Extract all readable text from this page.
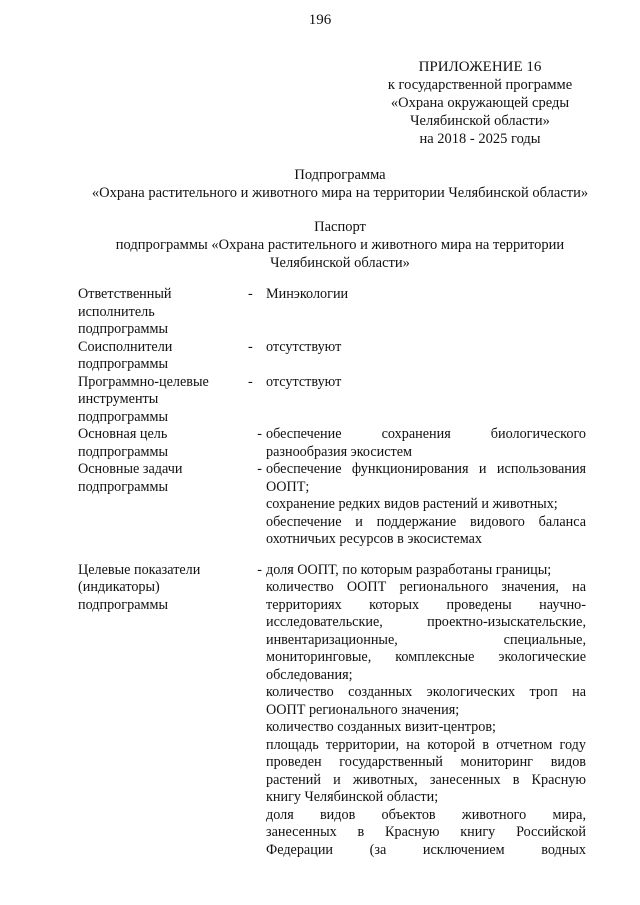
196
ПРИЛОЖЕНИЕ 16
к государственной программе
«Охрана окружающей среды
Челябинской области»
на 2018 - 2025 годы
Подпрограмма
«Охрана растительного и животного мира на территории Челябинской области»
Паспорт
подпрограммы «Охрана растительного и животного мира на территории
Челябинской области»
Ответственный
исполнитель
подпрограммы
- Минэкологии
Соисполнители
подпрограммы
- отсутствуют
Программно-целевые
инструменты
подпрограммы
- отсутствуют
Основная цель
подпрограммы
- обеспечение сохранения биологического
разнообразия экосистем
Основные задачи
подпрограммы
- обеспечение функционирования и использования
ООПТ;
сохранение редких видов растений и животных;
обеспечение и поддержание видового баланса
охотничьих ресурсов в экосистемах
Целевые показатели
(индикаторы)
подпрограммы
- доля ООПТ, по которым разработаны границы;
количество ООПТ регионального значения, на
территориях которых проведены научно-
исследовательские, проектно-изыскательские,
инвентаризационные, специальные,
мониторинговые, комплексные экологические
обследования;
количество созданных экологических троп на
ООПТ регионального значения;
количество созданных визит-центров;
площадь территории, на которой в отчетном году
проведен государственный мониторинг видов
растений и животных, занесенных в Красную
книгу Челябинской области;
доля видов объектов животного мира,
занесенных в Красную книгу Российской
Федерации (за исключением водных
